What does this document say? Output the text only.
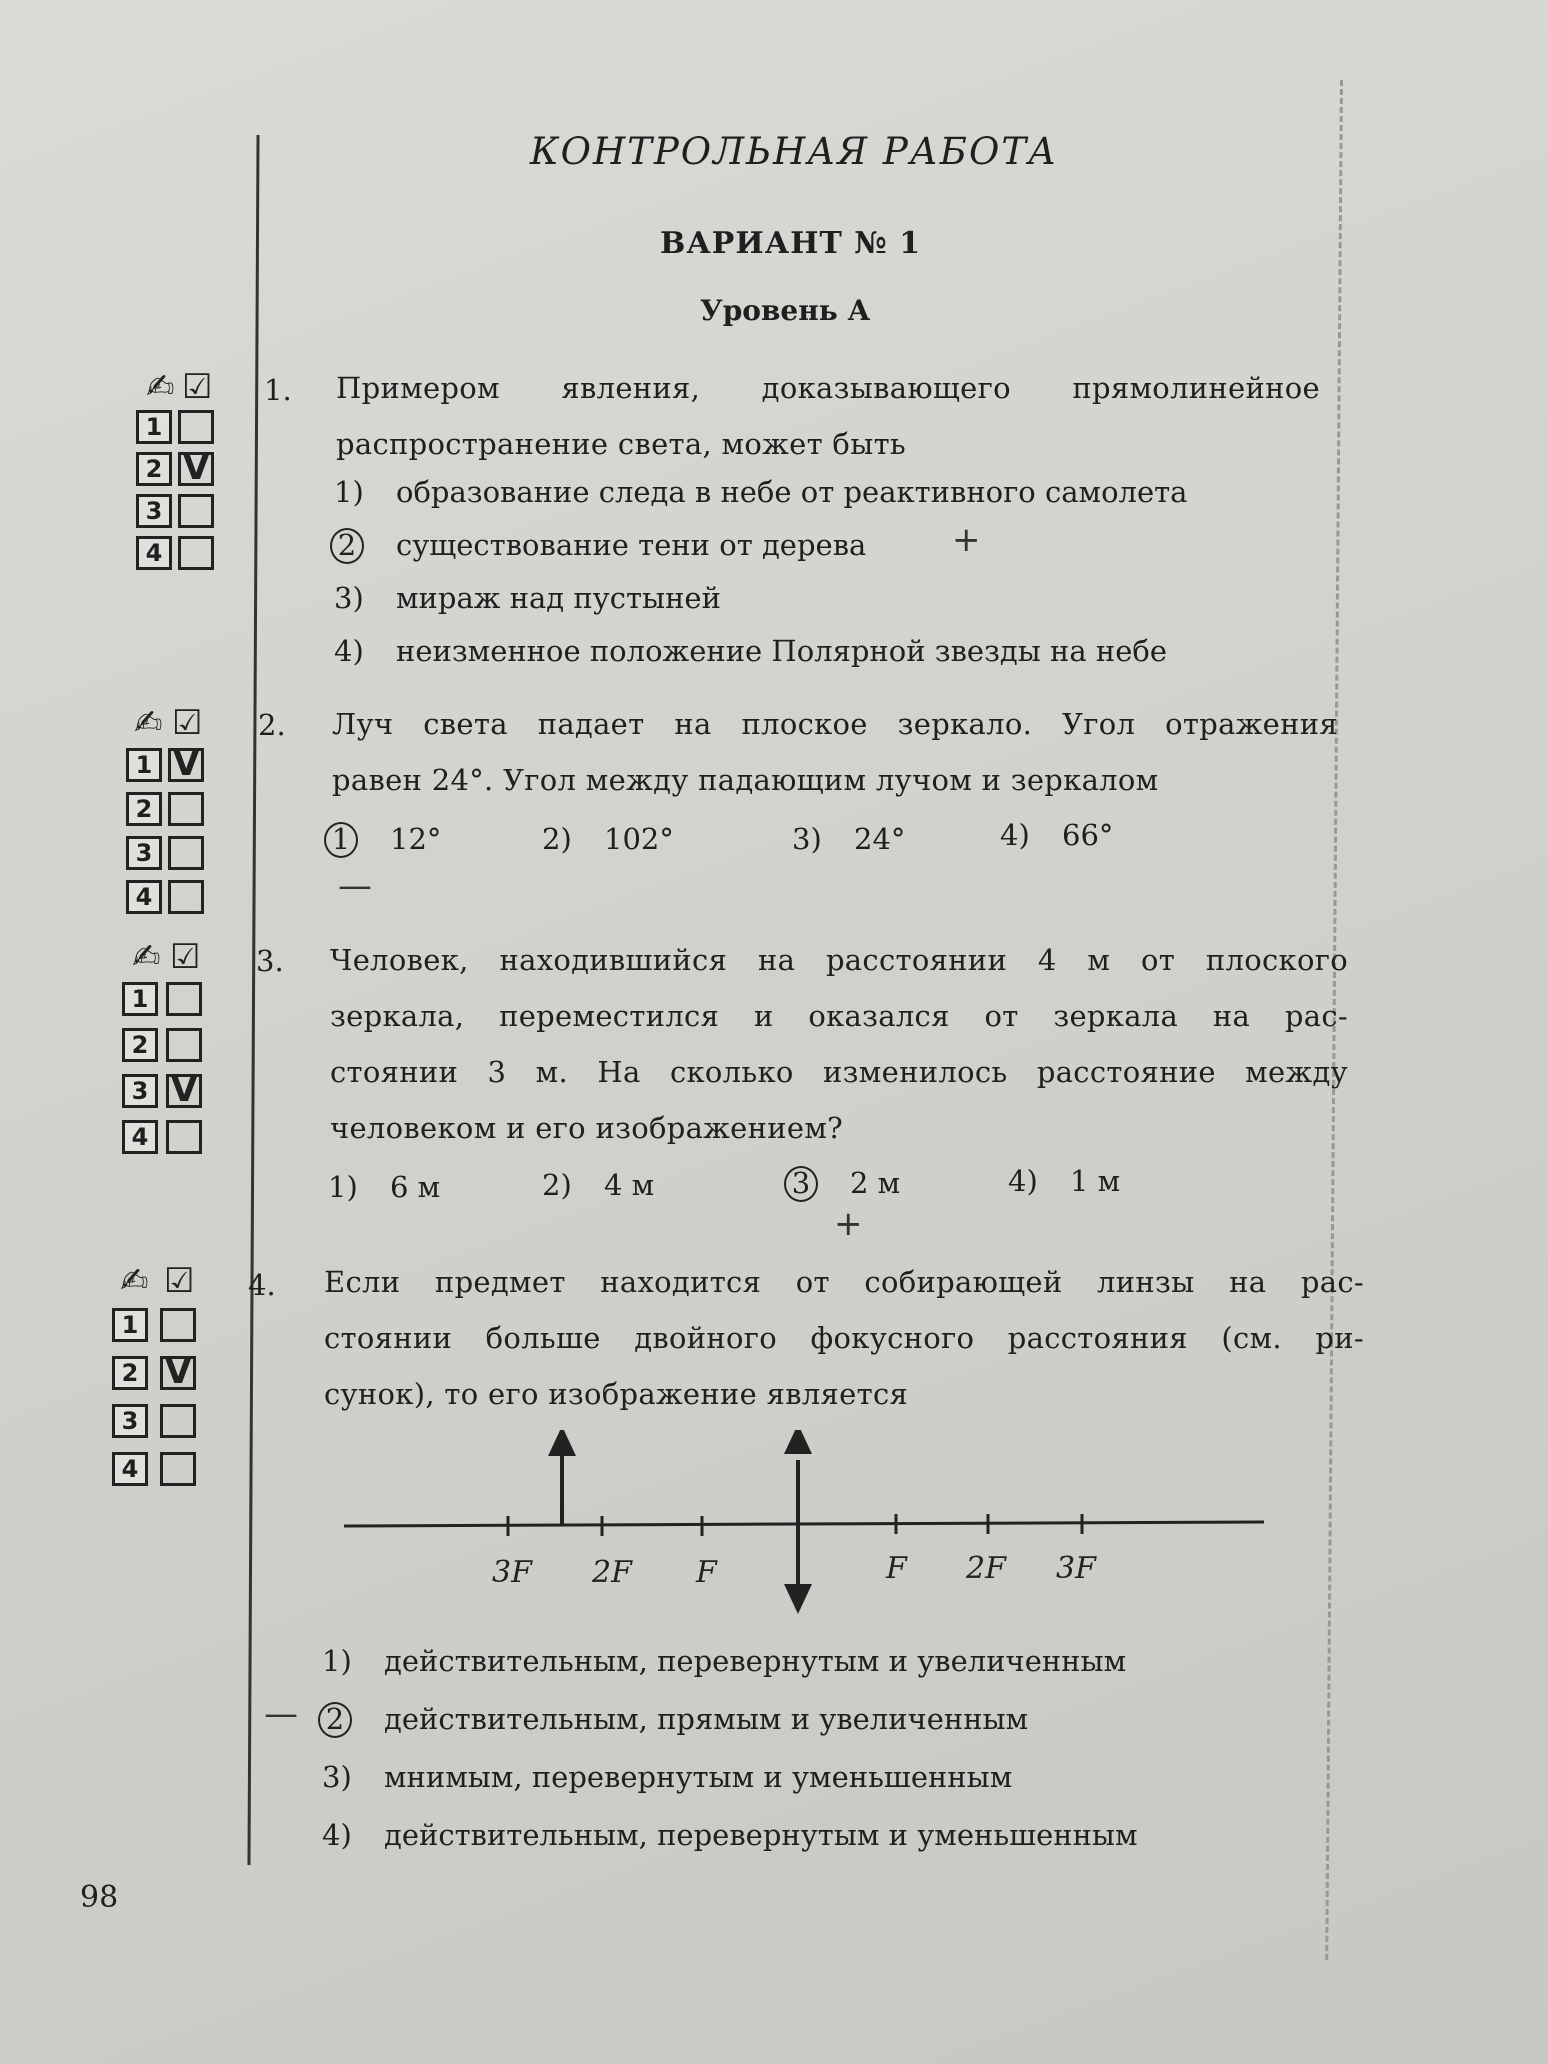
КОНТРОЛЬНАЯ РАБОТА
ВАРИАНТ № 1
Уровень А
✍ ☑
1
2 V
3
4
1. Примером явления, доказывающего прямолинейное
распространение света, может быть
1) образование следа в небе от реактивного самолета
2 существование тени от дерева	+
3) мираж над пустыней
4) неизменное положение Полярной звезды на небе
✍ ☑
1 V
2
3
4
2. Луч света падает на плоское зеркало. Угол отражения
равен 24°. Угол между падающим лучом и зеркалом
1 12°	2) 102°	3) 24°	4) 66°
—
✍ ☑
1
2
3 V
4
3. Человек, находившийся на расстоянии 4 м от плоского
зеркала, переместился и оказался от зеркала на рас-
стоянии 3 м. На сколько изменилось расстояние между
человеком и его изображением?
1) 6 м	2) 4 м	3 2 м	4) 1 м
+
✍ ☑
1
2 V
3
4
4. Если предмет находится от собирающей линзы на рас-
стоянии больше двойного фокусного расстояния (см. ри-
сунок), то его изображение является
3F 2F F	F 2F 3F
1) действительным, перевернутым и увеличенным
— 2 действительным, прямым и увеличенным
3) мнимым, перевернутым и уменьшенным
4) действительным, перевернутым и уменьшенным
98
